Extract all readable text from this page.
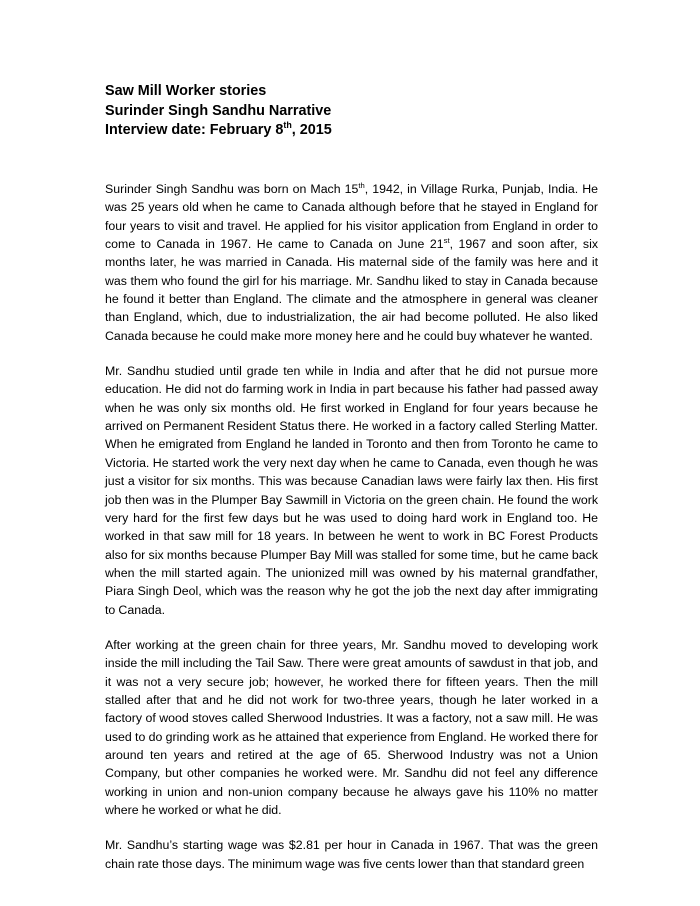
Saw Mill Worker stories
Surinder Singh Sandhu Narrative
Interview date: February 8th, 2015

Surinder Singh Sandhu was born on Mach 15th, 1942, in Village Rurka, Punjab, India. He was 25 years old when he came to Canada although before that he stayed in England for four years to visit and travel. He applied for his visitor application from England in order to come to Canada in 1967. He came to Canada on June 21st, 1967 and soon after, six months later, he was married in Canada. His maternal side of the family was here and it was them who found the girl for his marriage. Mr. Sandhu liked to stay in Canada because he found it better than England. The climate and the atmosphere in general was cleaner than England, which, due to industrialization, the air had become polluted. He also liked Canada because he could make more money here and he could buy whatever he wanted.

Mr. Sandhu studied until grade ten while in India and after that he did not pursue more education. He did not do farming work in India in part because his father had passed away when he was only six months old. He first worked in England for four years because he arrived on Permanent Resident Status there. He worked in a factory called Sterling Matter. When he emigrated from England he landed in Toronto and then from Toronto he came to Victoria. He started work the very next day when he came to Canada, even though he was just a visitor for six months. This was because Canadian laws were fairly lax then. His first job then was in the Plumper Bay Sawmill in Victoria on the green chain. He found the work very hard for the first few days but he was used to doing hard work in England too. He worked in that saw mill for 18 years. In between he went to work in BC Forest Products also for six months because Plumper Bay Mill was stalled for some time, but he came back when the mill started again. The unionized mill was owned by his maternal grandfather, Piara Singh Deol, which was the reason why he got the job the next day after immigrating to Canada.

After working at the green chain for three years, Mr. Sandhu moved to developing work inside the mill including the Tail Saw. There were great amounts of sawdust in that job, and it was not a very secure job; however, he worked there for fifteen years. Then the mill stalled after that and he did not work for two-three years, though he later worked in a factory of wood stoves called Sherwood Industries. It was a factory, not a saw mill. He was used to do grinding work as he attained that experience from England. He worked there for around ten years and retired at the age of 65. Sherwood Industry was not a Union Company, but other companies he worked were. Mr. Sandhu did not feel any difference working in union and non-union company because he always gave his 110% no matter where he worked or what he did.

Mr. Sandhu’s starting wage was $2.81 per hour in Canada in 1967. That was the green chain rate those days. The minimum wage was five cents lower than that standard green
